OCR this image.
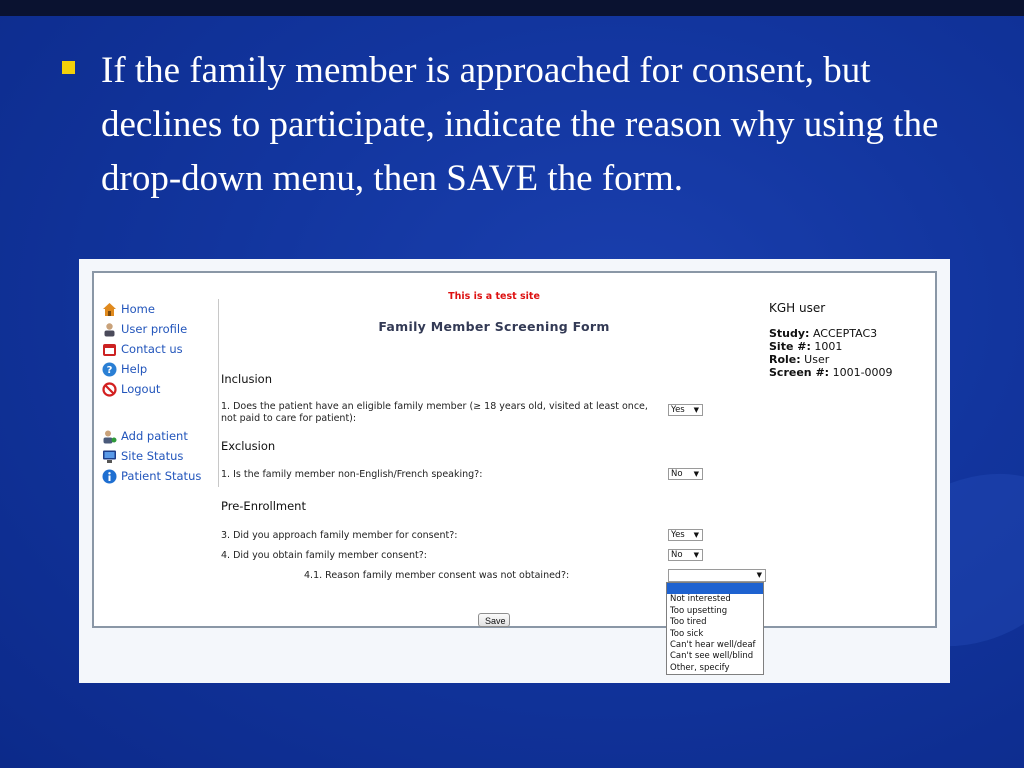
If the family member is approached for consent, but declines to participate, indicate the reason why using the drop-down menu, then SAVE the form.
Home
User profile
Contact us
? Help
Logout
Add patient
Site Status
Patient Status
This is a test site
Family Member Screening Form
KGH user
Study: ACCEPTAC3
Site #: 1001
Role: User
Screen #: 1001-0009
Inclusion
1. Does the patient have an eligible family member (≥ 18 years old, visited at least once, not paid to care for patient):
Yes ▼
Exclusion
1. Is the family member non-English/French speaking?:	No ▼
Pre-Enrollment
3. Did you approach family member for consent?:	Yes ▼
4. Did you obtain family member consent?:	No ▼
4.1. Reason family member consent was not obtained?:	▼
Save
Not interested
Too upsetting
Too tired
Too sick
Can't hear well/deaf
Can't see well/blind
Other, specify
